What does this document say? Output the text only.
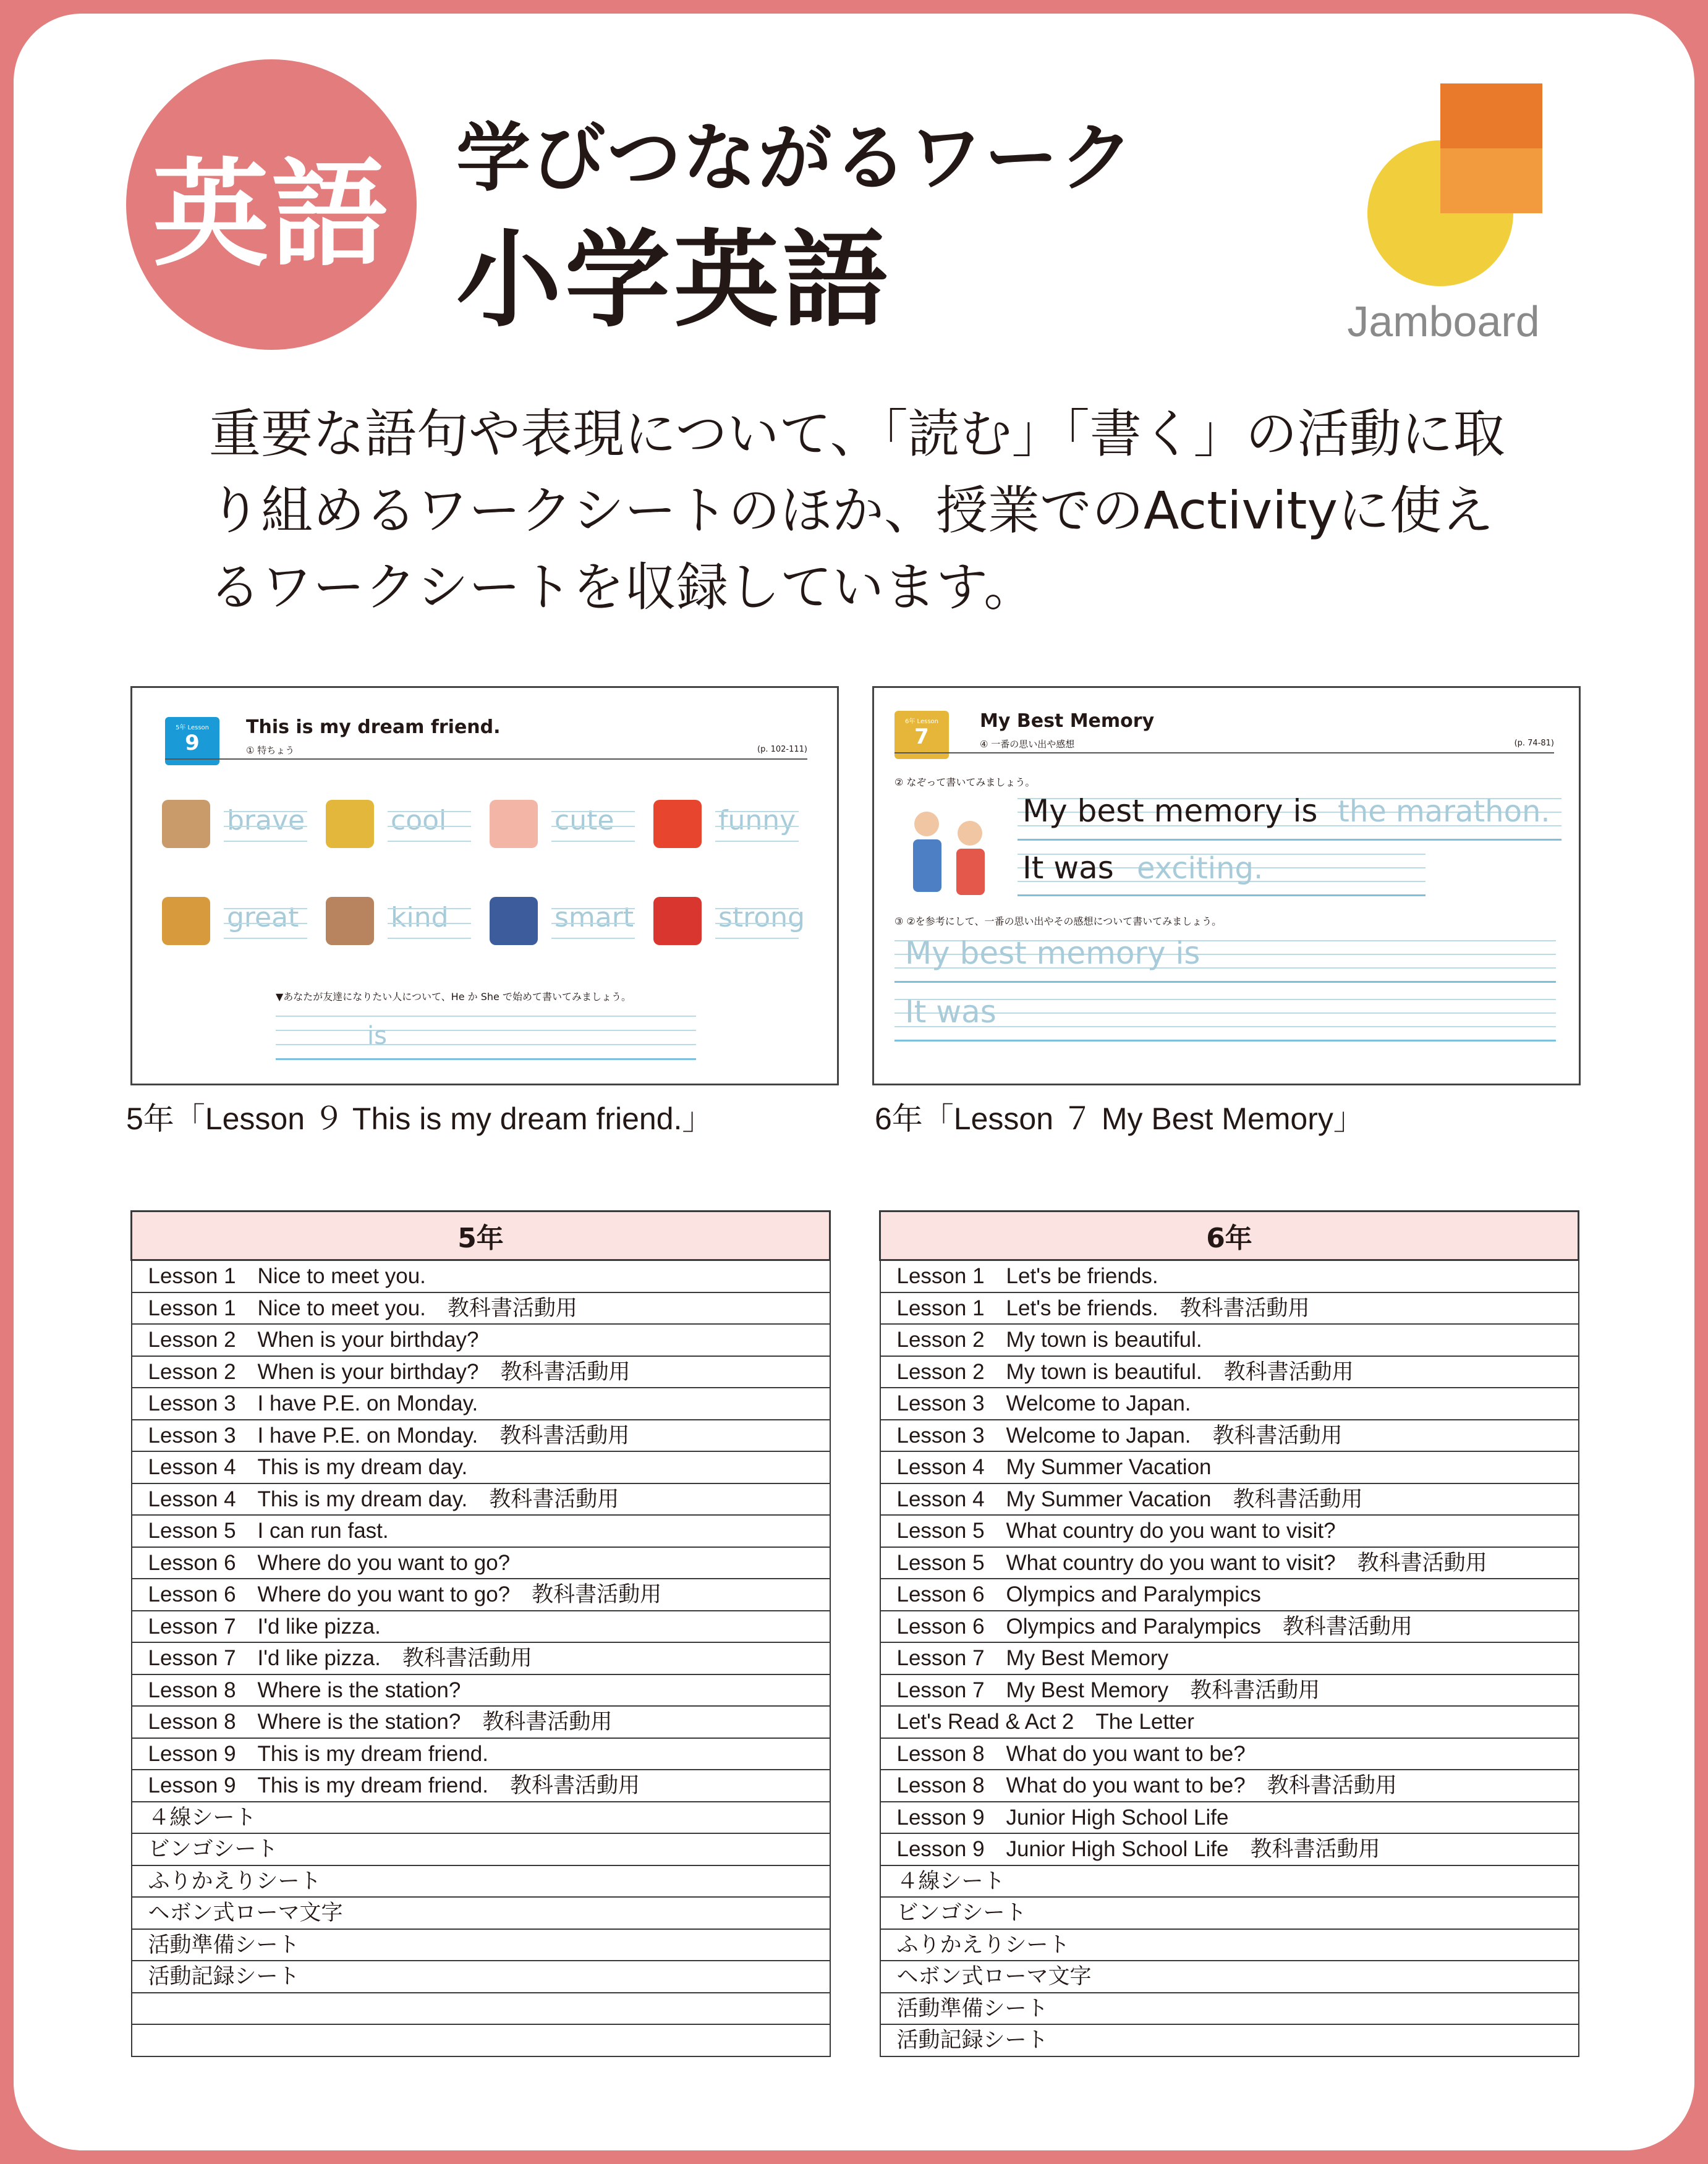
英語 学びつながるワーク
小学英語	Jamboard
重要な語句や表現について、「読む」「書く」の活動に取り組めるワークシートのほか、授業でのActivityに使えるワークシートを収録しています。
5年 Lesson
9
This is my dream friend.
① 特ちょう	(p. 102-111)
brave	cool	cute	funny
great	kind	smart	strong
▼あなたが友達になりたい人について、He か She で始めて書いてみましょう。
is
6年 Lesson
7
My Best Memory
④ 一番の思い出や感想	(p. 74-81)
② なぞって書いてみましょう。
My best memory is the marathon.
It was exciting.
③ ②を参考にして、一番の思い出やその感想について書いてみましょう。
My best memory is
It was
5年「Lesson ９ This is my dream friend.」	6年「Lesson ７ My Best Memory」
5年
Lesson 1　Nice to meet you.
Lesson 1　Nice to meet you.　教科書活動用
Lesson 2　When is your birthday?
Lesson 2　When is your birthday?　教科書活動用
Lesson 3　I have P.E. on Monday.
Lesson 3　I have P.E. on Monday.　教科書活動用
Lesson 4　This is my dream day.
Lesson 4　This is my dream day.　教科書活動用
Lesson 5　I can run fast.
Lesson 6　Where do you want to go?
Lesson 6　Where do you want to go?　教科書活動用
Lesson 7　I'd like pizza.
Lesson 7　I'd like pizza.　教科書活動用
Lesson 8　Where is the station?
Lesson 8　Where is the station?　教科書活動用
Lesson 9　This is my dream friend.
Lesson 9　This is my dream friend.　教科書活動用
４線シート
ビンゴシート
ふりかえりシート
ヘボン式ローマ文字
活動準備シート
活動記録シート

6年
Lesson 1　Let's be friends.
Lesson 1　Let's be friends.　教科書活動用
Lesson 2　My town is beautiful.
Lesson 2　My town is beautiful.　教科書活動用
Lesson 3　Welcome to Japan.
Lesson 3　Welcome to Japan.　教科書活動用
Lesson 4　My Summer Vacation
Lesson 4　My Summer Vacation　教科書活動用
Lesson 5　What country do you want to visit?
Lesson 5　What country do you want to visit?　教科書活動用
Lesson 6　Olympics and Paralympics
Lesson 6　Olympics and Paralympics　教科書活動用
Lesson 7　My Best Memory
Lesson 7　My Best Memory　教科書活動用
Let's Read & Act 2　The Letter
Lesson 8　What do you want to be?
Lesson 8　What do you want to be?　教科書活動用
Lesson 9　Junior High School Life
Lesson 9　Junior High School Life　教科書活動用
４線シート
ビンゴシート
ふりかえりシート
ヘボン式ローマ文字
活動準備シート
活動記録シート
